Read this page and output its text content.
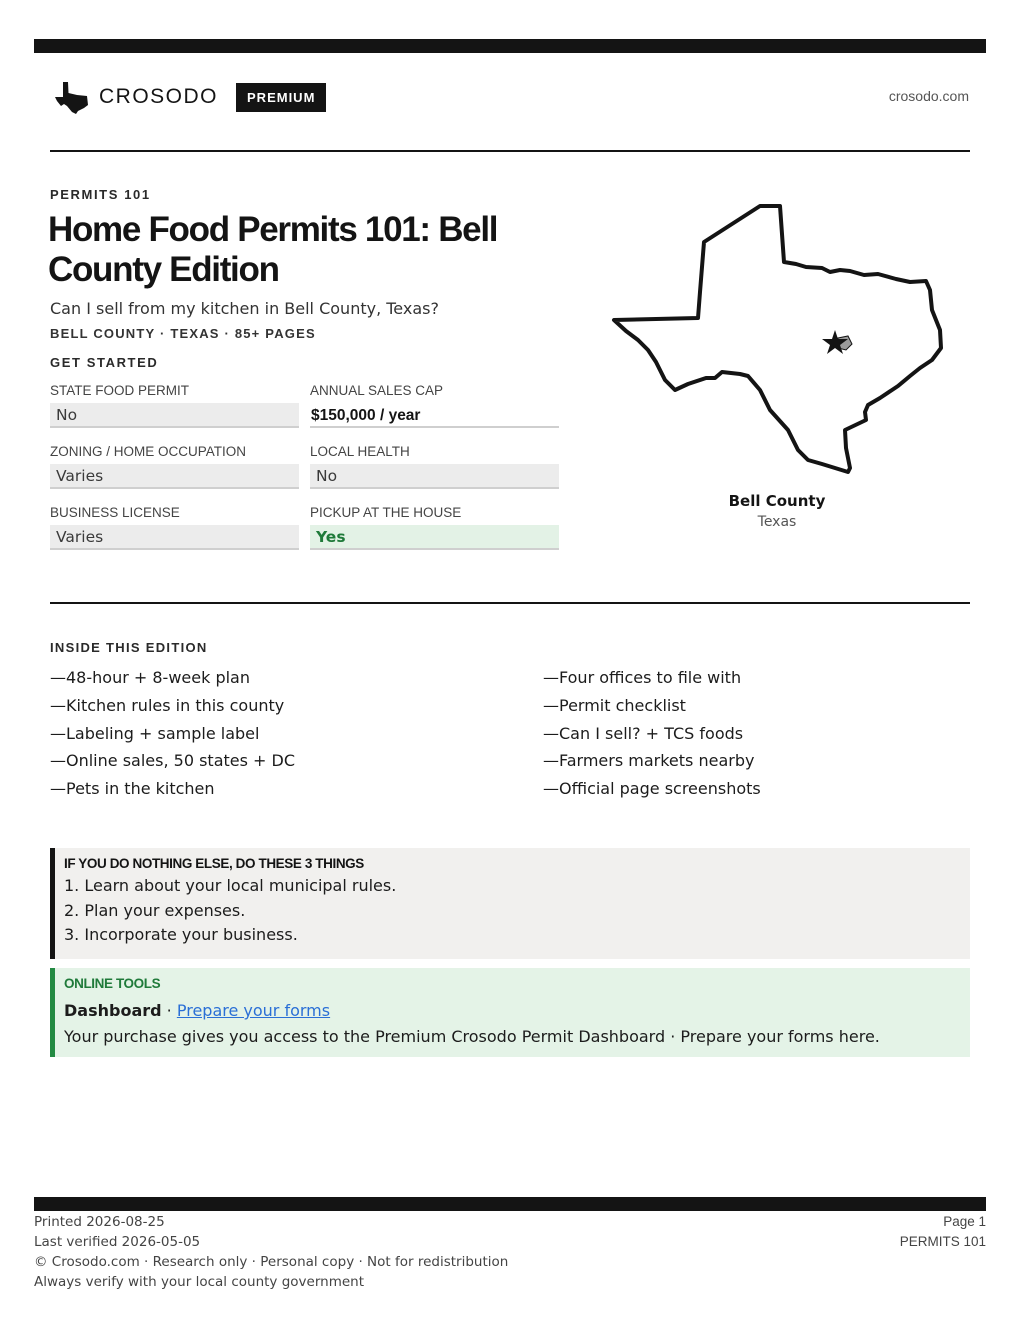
CROSODO	PREMIUM	crosodo.com
PERMITS 101
Home Food Permits 101: Bell County Edition
Can I sell from my kitchen in Bell County, Texas?
BELL COUNTY · TEXAS · 85+ PAGES
GET STARTED
STATE FOOD PERMIT
No
ANNUAL SALES CAP
$150,000 / year
ZONING / HOME OCCUPATION
Varies
LOCAL HEALTH
No
BUSINESS LICENSE
Varies
PICKUP AT THE HOUSE
Yes
Bell County
Texas
INSIDE THIS EDITION
—48-hour + 8-week plan	—Four offices to file with
—Kitchen rules in this county	—Permit checklist
—Labeling + sample label	—Can I sell? + TCS foods
—Online sales, 50 states + DC	—Farmers markets nearby
—Pets in the kitchen	—Official page screenshots
IF YOU DO NOTHING ELSE, DO THESE 3 THINGS
1. Learn about your local municipal rules.
2. Plan your expenses.
3. Incorporate your business.
ONLINE TOOLS
Dashboard · Prepare your forms
Your purchase gives you access to the Premium Crosodo Permit Dashboard · Prepare your forms here.
Printed 2026-08-25
Last verified 2026-05-05
© Crosodo.com · Research only · Personal copy · Not for redistribution
Always verify with your local county government
Page 1
PERMITS 101
